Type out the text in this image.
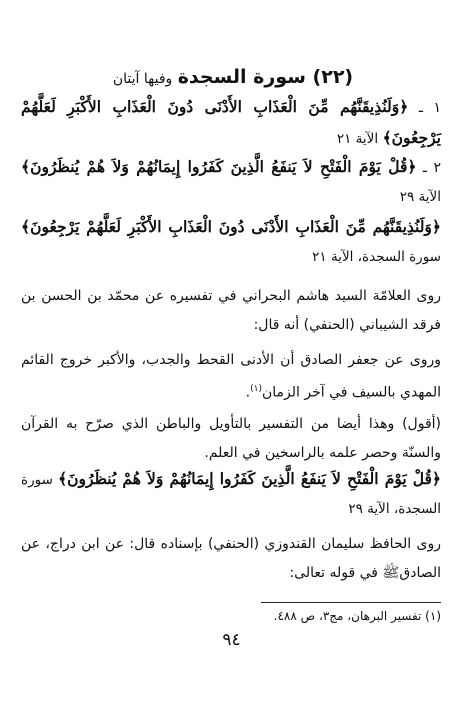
(٢٢) سورة السجدة وفيها آيتان
١ ـ ﴿وَلَنُذِيقَنَّهُم مِّنَ الْعَذَابِ الأَدْنَى دُونَ الْعَذَابِ الأَكْبَرِ لَعَلَّهُمْ يَرْجِعُونَ﴾ الآية ٢١
٢ ـ ﴿قُلْ يَوْمَ الْفَتْحِ لاَ يَنفَعُ الَّذِينَ كَفَرُوا إِيمَانُهُمْ وَلاَ هُمْ يُنظَرُونَ﴾ الآية ٢٩
﴿وَلَنُذِيقَنَّهُم مِّنَ الْعَذَابِ الأَدْنَى دُونَ الْعَذَابِ الأَكْبَرِ لَعَلَّهُمْ يَرْجِعُونَ﴾ سورة السجدة، الآية ٢١
روى العلامّة السيد هاشم البحراني في تفسيره عن محمّد بن الحسن بن فرقد الشيباني (الحنفي) أنه قال:
وروى عن جعفر الصادق أن الأدنى القحط والجدب، والأكبر خروج القائم المهدي بالسيف في آخر الزمان$^{(١)}$.
(أقول) وهذا أيضا من التفسير بالتأويل والباطن الذي صرّح به القرآن والسنّة وحصر علمه بالراسخين في العلم.
﴿قُلْ يَوْمَ الْفَتْحِ لاَ يَنفَعُ الَّذِينَ كَفَرُوا إِيمَانُهُمْ وَلاَ هُمْ يُنظَرُونَ﴾ سورة السجدة، الآية ٢٩
روى الحافظ سليمان القندوزي (الحنفي) بإسناده قال: عن ابن دراج، عن الصادقﷺ في قوله تعالى:
(١) تفسير البرهان، مج٣، ص ٤٨٨.
٩٤
